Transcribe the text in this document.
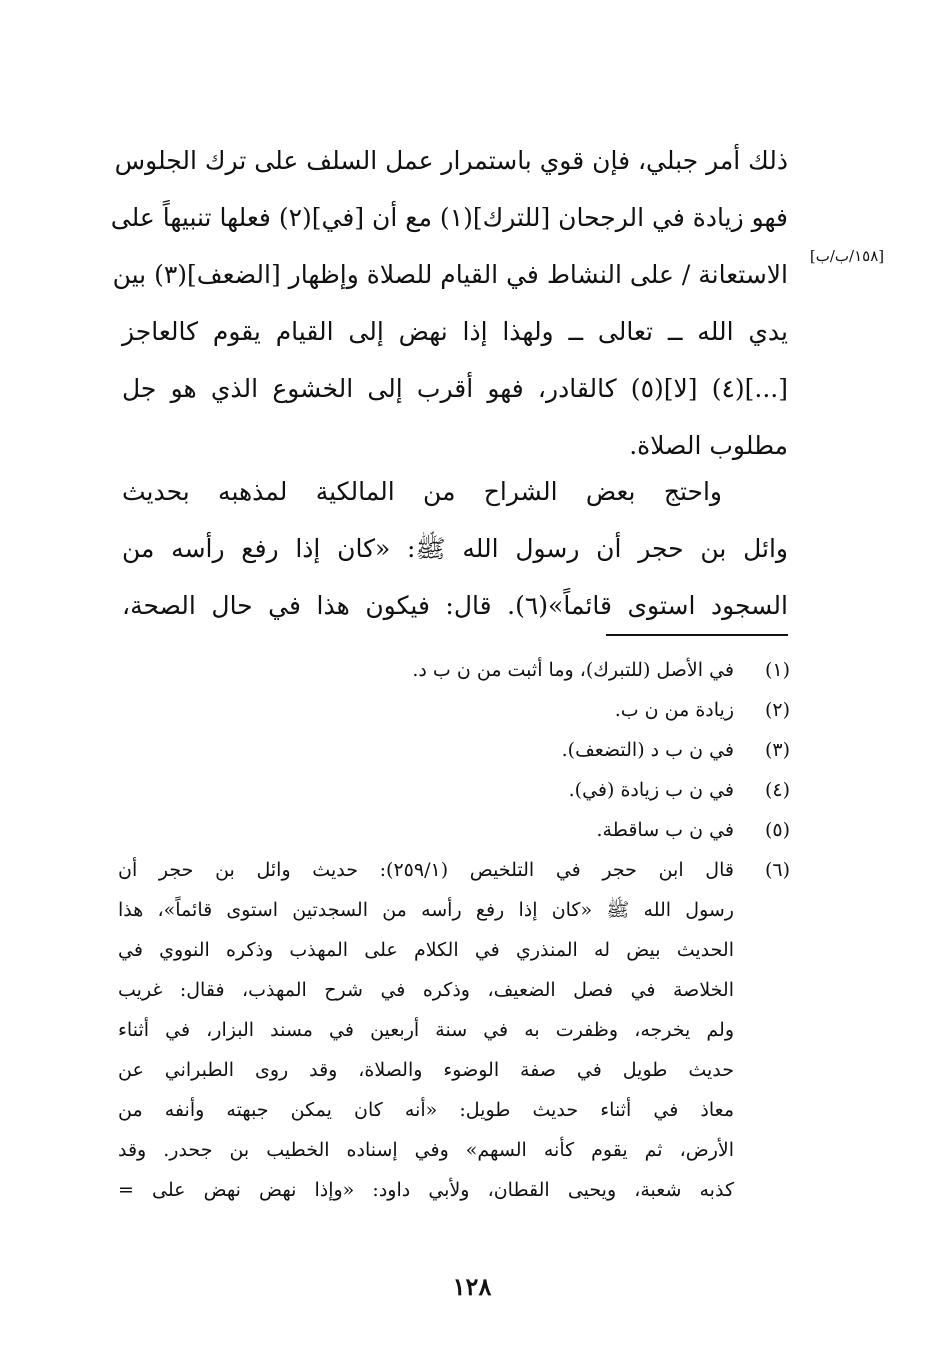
[١٥٨/ب/ب]
ذلك أمر جبلي، فإن قوي باستمرار عمل السلف على ترك الجلوس
فهو زيادة في الرجحان [للترك](١) مع أن [في](٢) فعلها تنبيهاً على
الاستعانة / على النشاط في القيام للصلاة وإظهار [الضعف](٣) بين
يدي الله ــ تعالى ــ ولهذا إذا نهض إلى القيام يقوم كالعاجز
[...](٤) [لا](٥) كالقادر، فهو أقرب إلى الخشوع الذي هو جل
مطلوب الصلاة.
واحتج بعض الشراح من المالكية لمذهبه بحديث
وائل بن حجر أن رسول الله ﷺ: «كان إذا رفع رأسه من
السجود استوى قائماً»(٦). قال: فيكون هذا في حال الصحة،
(١)
في الأصل (للتبرك)، وما أثبت من ن ب د.
(٢)
زيادة من ن ب.
(٣)
في ن ب د (التضعف).
(٤)
في ن ب زيادة (في).
(٥)
في ن ب ساقطة.
(٦)
قال ابن حجر في التلخيص (٢٥٩/١): حديث وائل بن حجر أن
رسول الله ﷺ «كان إذا رفع رأسه من السجدتين استوى قائماً»، هذا
الحديث بيض له المنذري في الكلام على المهذب وذكره النووي في
الخلاصة في فصل الضعيف، وذكره في شرح المهذب، فقال: غريب
ولم يخرجه، وظفرت به في سنة أربعين في مسند البزار، في أثناء
حديث طويل في صفة الوضوء والصلاة، وقد روى الطبراني عن
معاذ في أثناء حديث طويل: «أنه كان يمكن جبهته وأنفه من
الأرض، ثم يقوم كأنه السهم» وفي إسناده الخطيب بن جحدر. وقد
كذبه شعبة، ويحيى القطان، ولأبي داود: «وإذا نهض نهض على =
١٢٨
